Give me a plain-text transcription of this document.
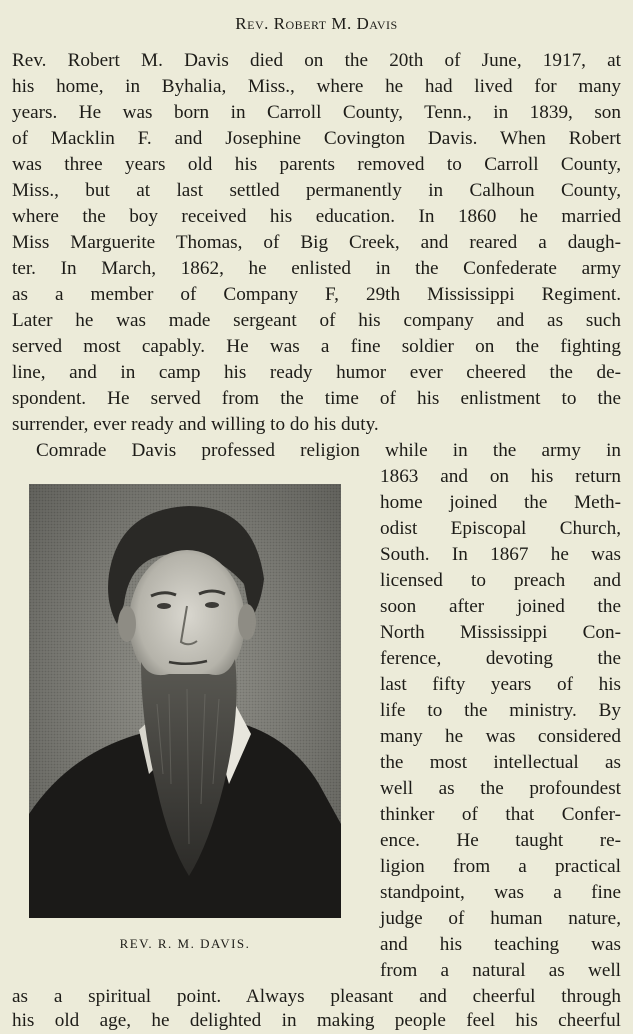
Rev. Robert M. Davis
Rev. Robert M. Davis died on the 20th of June, 1917, at
his home, in Byhalia, Miss., where he had lived for many
years. He was born in Carroll County, Tenn., in 1839, son
of Macklin F. and Josephine Covington Davis. When Robert
was three years old his parents removed to Carroll County,
Miss., but at last settled permanently in Calhoun County,
where the boy received his education. In 1860 he married
Miss Marguerite Thomas, of Big Creek, and reared a daugh-
ter. In March, 1862, he enlisted in the Confederate army
as a member of Company F, 29th Mississippi Regiment.
Later he was made sergeant of his company and as such
served most capably. He was a fine soldier on the fighting
line, and in camp his ready humor ever cheered the de-
spondent. He served from the time of his enlistment to the
surrender, ever ready and willing to do his duty.
Comrade Davis professed religion while in the army in
REV. R. M. DAVIS.
1863 and on his return
home joined the Meth-
odist Episcopal Church,
South. In 1867 he was
licensed to preach and
soon after joined the
North Mississippi Con-
ference, devoting the
last fifty years of his
life to the ministry. By
many he was considered
the most intellectual as
well as the profoundest
thinker of that Confer-
ence. He taught re-
ligion from a practical
standpoint, was a fine
judge of human nature,
and his teaching was
from a natural as well
as a spiritual point. Always pleasant and cheerful through
his old age, he delighted in making people feel his cheerful
